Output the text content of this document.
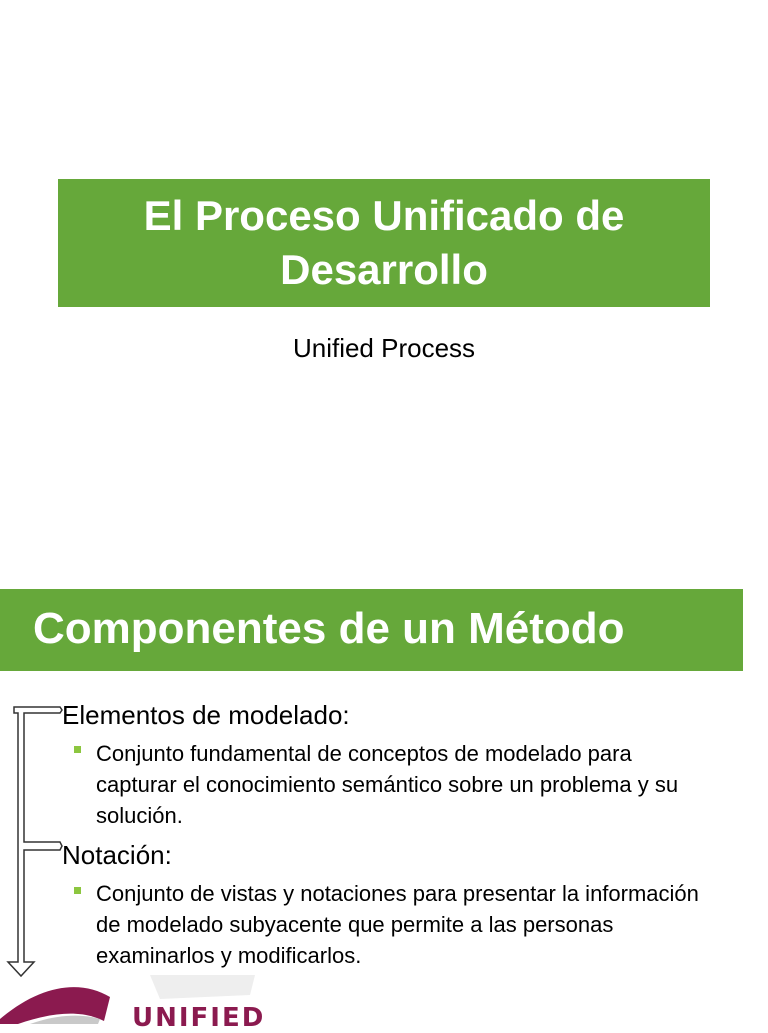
El Proceso Unificado de Desarrollo
Unified Process
Componentes de un Método
Elementos de modelado:
Conjunto fundamental de conceptos de modelado para capturar el conocimiento semántico sobre un problema y su solución.
Notación:
Conjunto de vistas y notaciones para presentar la información de modelado subyacente que permite a las personas examinarlos y modificarlos.
UNIFIED
